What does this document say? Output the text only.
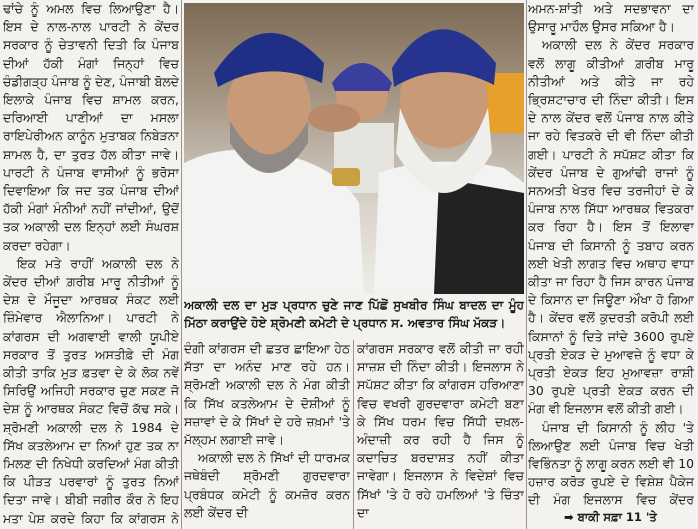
ਢਾਂਚੇ ਨੂੰ ਅਮਲ ਵਿਚ ਲਿਆਉਣਾ ਹੈ। ਇਸ ਦੇ ਨਾਲ-ਨਾਲ ਪਾਰਟੀ ਨੇ ਕੇਂਦਰ ਸਰਕਾਰ ਨੂੰ ਚੇਤਾਵਨੀ ਦਿਤੀ ਕਿ ਪੰਜਾਬ ਦੀਆਂ ਹੱਕੀ ਮੰਗਾਂ ਜਿਨ੍ਹਾਂ ਵਿਚ ਚੰਡੀਗੜ੍ਹ ਪੰਜਾਬ ਨੂੰ ਦੇਣ, ਪੰਜਾਬੀ ਬੋਲਦੇ ਇਲਾਕੇ ਪੰਜਾਬ ਵਿਚ ਸ਼ਾਮਲ ਕਰਨ, ਦਰਿਆਈ ਪਾਣੀਆਂ ਦਾ ਮਸਲਾ ਰਾਇਪੇਰੀਅਨ ਕਾਨੂੰਨ ਮੁਤਾਬਕ ਨਿਬੇੜਨਾ ਸ਼ਾਮਲ ਹੈ, ਦਾ ਤੁਰਤ ਹੱਲ ਕੀਤਾ ਜਾਵੇ। ਪਾਰਟੀ ਨੇ ਪੰਜਾਬ ਵਾਸੀਆਂ ਨੂੰ ਭਰੋਸਾ ਦਿਵਾਇਆ ਕਿ ਜਦ ਤਕ ਪੰਜਾਬ ਦੀਆਂ ਹੱਕੀ ਮੰਗਾਂ ਮੰਨੀਆਂ ਨਹੀਂ ਜਾਂਦੀਆਂ, ਉਦੋਂ ਤਕ ਅਕਾਲੀ ਦਲ ਇਨ੍ਹਾਂ ਲਈ ਸੰਘਰਸ਼ ਕਰਦਾ ਰਹੇਗਾ।

ਇਕ ਮਤੇ ਰਾਹੀਂ ਅਕਾਲੀ ਦਲ ਨੇ ਕੇਂਦਰ ਦੀਆਂ ਗ਼ਰੀਬ ਮਾਰੂ ਨੀਤੀਆਂ ਨੂੰ ਦੇਸ਼ ਦੇ ਮੌਜੂਦਾ ਆਰਥਕ ਸੰਕਟ ਲਈ ਜ਼ਿੰਮੇਵਾਰ ਐਲਾਨਿਆ। ਪਾਰਟੀ ਨੇ ਕਾਂਗਰਸ ਦੀ ਅਗਵਾਈ ਵਾਲੀ ਯੂਪੀਏ ਸਰਕਾਰ ਤੋਂ ਤੁਰਤ ਅਸਤੀਫ਼ੇ ਦੀ ਮੰਗ ਕੀਤੀ ਤਾਕਿ ਮੁੜ ਫ਼ਤਵਾ ਦੇ ਕੇ ਲੋਕ ਨਵੇਂ ਸਿਰਿਉਂ ਅਜਿਹੀ ਸਰਕਾਰ ਚੁਣ ਸਕਣ ਜੋ ਦੇਸ਼ ਨੂੰ ਆਰਥਕ ਸੰਕਟ ਵਿਚੋਂ ਕੱਢ ਸਕੇ। ਸ਼੍ਰੋਮਣੀ ਅਕਾਲੀ ਦਲ ਨੇ 1984 ਦੇ ਸਿੱਖ ਕਤਲੇਆਮ ਦਾ ਨਿਆਂ ਹੁਣ ਤਕ ਨਾ ਮਿਲਣ ਦੀ ਨਿਖੇਧੀ ਕਰਦਿਆਂ ਮੰਗ ਕੀਤੀ ਕਿ ਪੀੜਤ ਪਰਵਾਰਾਂ ਨੂੰ ਤੁਰਤ ਨਿਆਂ ਦਿਤਾ ਜਾਵੇ। ਬੀਬੀ ਜਗੀਰ ਕੌਰ ਨੇ ਇਹ ਮਤਾ ਪੇਸ਼ ਕਰਦੇ ਕਿਹਾ ਕਿ ਕਾਂਗਰਸ ਨੇ

ਅਕਾਲੀ ਦਲ ਦਾ ਮੁੜ ਪ੍ਰਧਾਨ ਚੁਣੇ ਜਾਣ ਪਿੱਛੋਂ ਸੁਖਬੀਰ ਸਿੰਘ ਬਾਦਲ ਦਾ ਮੂੰਹ ਮਿੱਠਾ ਕਰਾਉਂਦੇ ਹੋਏ ਸ਼੍ਰੋਮਣੀ ਕਮੇਟੀ ਦੇ ਪ੍ਰਧਾਨ ਸ. ਅਵਤਾਰ ਸਿੰਘ ਮੱਕੜ।

ਦੰਗੀ ਕਾਂਗਰਸ ਦੀ ਛਤਰ ਛਾਇਆ ਹੇਠ ਸੱਤਾ ਦਾ ਅਨੰਦ ਮਾਣ ਰਹੇ ਹਨ। ਸ਼੍ਰੋਮਣੀ ਅਕਾਲੀ ਦਲ ਨੇ ਮੰਗ ਕੀਤੀ ਕਿ ਸਿੱਖ ਕਤਲੇਆਮ ਦੇ ਦੋਸ਼ੀਆਂ ਨੂੰ ਸਜ਼ਾਵਾਂ ਦੇ ਕੇ ਸਿੱਖਾਂ ਦੇ ਹਰੇ ਜ਼ਖ਼ਮਾਂ 'ਤੇ ਮੱਲ੍ਹਮ ਲਗਾਈ ਜਾਵੇ।

ਅਕਾਲੀ ਦਲ ਨੇ ਸਿੱਖਾਂ ਦੀ ਧਾਰਮਕ ਜਥੇਬੰਦੀ ਸ਼੍ਰੋਮਣੀ ਗੁਰਦਵਾਰਾ ਪ੍ਰਬੰਧਕ ਕਮੇਟੀ ਨੂੰ ਕਮਜ਼ੋਰ ਕਰਨ ਲਈ ਕੇਂਦਰ ਦੀ

ਕਾਂਗਰਸ ਸਰਕਾਰ ਵਲੋਂ ਕੀਤੀ ਜਾ ਰਹੀ ਸਾਜ਼ਸ਼ ਦੀ ਨਿੰਦਾ ਕੀਤੀ। ਇਜਲਾਸ ਨੇ ਸਪੱਸ਼ਟ ਕੀਤਾ ਕਿ ਕਾਂਗਰਸ ਹਰਿਆਣਾ ਵਿਚ ਵਖਰੀ ਗੁਰਦਵਾਰਾ ਕਮੇਟੀ ਬਣਾ ਕੇ ਸਿੱਖ ਧਰਮ ਵਿਚ ਸਿੱਧੀ ਦਖ਼ਲ-ਅੰਦਾਜ਼ੀ ਕਰ ਰਹੀ ਹੈ ਜਿਸ ਨੂੰ ਕਦਾਚਿਤ ਬਰਦਾਸ਼ਤ ਨਹੀਂ ਕੀਤਾ ਜਾਵੇਗਾ। ਇਜਲਾਸ ਨੇ ਵਿਦੇਸ਼ਾਂ ਵਿਚ ਸਿੱਖਾਂ 'ਤੇ ਹੋ ਰਹੇ ਹਮਲਿਆਂ 'ਤੇ ਚਿੰਤਾ ਦਾ

ਅਮਨ-ਸ਼ਾਂਤੀ ਅਤੇ ਸਦਭਾਵਨਾ ਦਾ ਉਸਾਰੂ ਮਾਹੌਲ ਉਸਰ ਸਕਿਆ ਹੈ।

ਅਕਾਲੀ ਦਲ ਨੇ ਕੇਂਦਰ ਸਰਕਾਰ ਵਲੋਂ ਲਾਗੂ ਕੀਤੀਆਂ ਗ਼ਰੀਬ ਮਾਰੂ ਨੀਤੀਆਂ ਅਤੇ ਕੀਤੇ ਜਾ ਰਹੇ ਭ੍ਰਿਸ਼ਟਾਚਾਰ ਦੀ ਨਿੰਦਾ ਕੀਤੀ। ਇਸ ਦੇ ਨਾਲ ਕੇਂਦਰ ਵਲੋਂ ਪੰਜਾਬ ਨਾਲ ਕੀਤੇ ਜਾ ਰਹੇ ਵਿਤਕਰੇ ਦੀ ਵੀ ਨਿੰਦਾ ਕੀਤੀ ਗਈ। ਪਾਰਟੀ ਨੇ ਸਪੱਸ਼ਟ ਕੀਤਾ ਕਿ ਕੇਂਦਰ ਪੰਜਾਬ ਦੇ ਗੁਆਂਢੀ ਰਾਜਾਂ ਨੂੰ ਸਨਅਤੀ ਖੇਤਰ ਵਿਚ ਤਰਜੀਹਾਂ ਦੇ ਕੇ ਪੰਜਾਬ ਨਾਲ ਸਿੱਧਾ ਆਰਥਕ ਵਿਤਕਰਾ ਕਰ ਰਿਹਾ ਹੈ। ਇਸ ਤੋਂ ਇਲਾਵਾ ਪੰਜਾਬ ਦੀ ਕਿਸਾਨੀ ਨੂੰ ਤਬਾਹ ਕਰਨ ਲਈ ਖੇਤੀ ਲਾਗਤ ਵਿਚ ਅਥਾਹ ਵਾਧਾ ਕੀਤਾ ਜਾ ਰਿਹਾ ਹੈ ਜਿਸ ਕਾਰਨ ਪੰਜਾਬ ਦੇ ਕਿਸਾਨ ਦਾ ਜਿਊਣਾ ਔਖਾ ਹੋ ਗਿਆ ਹੈ। ਕੇਂਦਰ ਵਲੋਂ ਕੁਦਰਤੀ ਕਰੋਪੀ ਲਈ ਕਿਸਾਨਾਂ ਨੂੰ ਦਿਤੇ ਜਾਂਦੇ 3600 ਰੁਪਏ ਪ੍ਰਤੀ ਏਕੜ ਦੇ ਮੁਆਵਜ਼ੇ ਨੂੰ ਵਧਾ ਕੇ ਪ੍ਰਤੀ ਏਕੜ ਇਹ ਮੁਆਵਜ਼ਾ ਰਾਸ਼ੀ 30 ਰੁਪਏ ਪ੍ਰਤੀ ਏਕੜ ਕਰਨ ਦੀ ਮੰਗ ਵੀ ਇਜਲਾਸ ਵਲੋਂ ਕੀਤੀ ਗਈ।

ਪੰਜਾਬ ਦੀ ਕਿਸਾਨੀ ਨੂੰ ਲੀਹ 'ਤੇ ਲਿਆਉਣ ਲਈ ਪੰਜਾਬ ਵਿਚ ਖੇਤੀ ਵਿਭਿੰਨਤਾ ਨੂੰ ਲਾਗੂ ਕਰਨ ਲਈ ਵੀ 10 ਹਜ਼ਾਰ ਕਰੋੜ ਰੁਪਏ ਦੇ ਵਿਸ਼ੇਸ਼ ਪੈਕੇਜ ਦੀ ਮੰਗ ਇਜਲਾਸ ਵਿਚ ਕੇਂਦਰ

➡ ਬਾਕੀ ਸਫ਼ਾ 11 'ਤੇ
